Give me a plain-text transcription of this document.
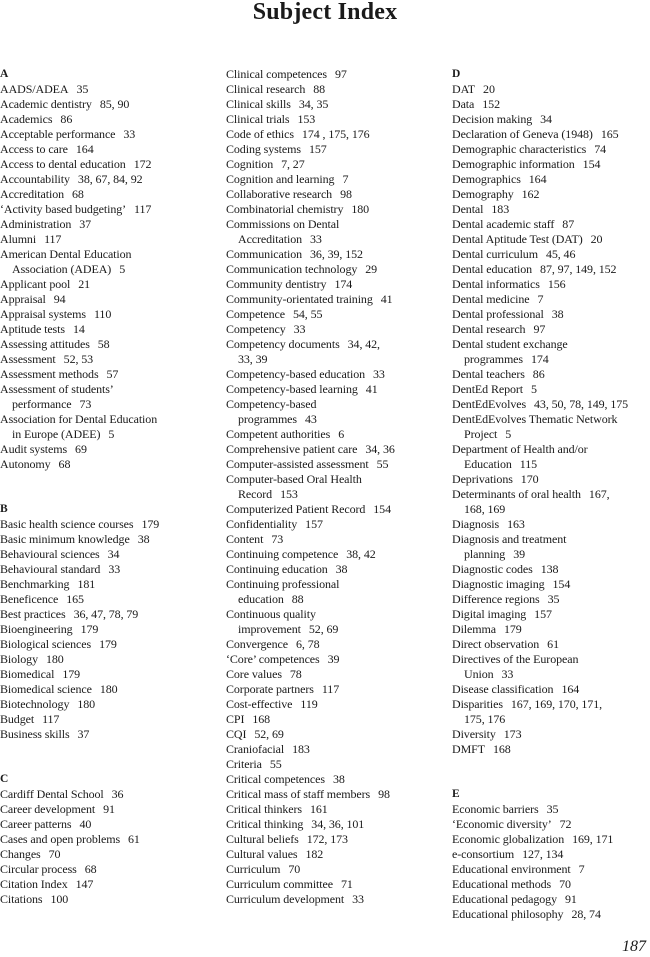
Subject Index
A
AADS/ADEA 35
Academic dentistry 85, 90
Academics 86
Acceptable performance 33
Access to care 164
Access to dental education 172
Accountability 38, 67, 84, 92
Accreditation 68
‘Activity based budgeting’ 117
Administration 37
Alumni 117
American Dental Education
Association (ADEA) 5
Applicant pool 21
Appraisal 94
Appraisal systems 110
Aptitude tests 14
Assessing attitudes 58
Assessment 52, 53
Assessment methods 57
Assessment of students’
performance 73
Association for Dental Education
in Europe (ADEE) 5
Audit systems 69
Autonomy 68
B
Basic health science courses 179
Basic minimum knowledge 38
Behavioural sciences 34
Behavioural standard 33
Benchmarking 181
Beneficence 165
Best practices 36, 47, 78, 79
Bioengineering 179
Biological sciences 179
Biology 180
Biomedical 179
Biomedical science 180
Biotechnology 180
Budget 117
Business skills 37
C
Cardiff Dental School 36
Career development 91
Career patterns 40
Cases and open problems 61
Changes 70
Circular process 68
Citation Index 147
Citations 100
Clinical competences 97
Clinical research 88
Clinical skills 34, 35
Clinical trials 153
Code of ethics 174 , 175, 176
Coding systems 157
Cognition 7, 27
Cognition and learning 7
Collaborative research 98
Combinatorial chemistry 180
Commissions on Dental
Accreditation 33
Communication 36, 39, 152
Communication technology 29
Community dentistry 174
Community-orientated training 41
Competence 54, 55
Competency 33
Competency documents 34, 42,
33, 39
Competency-based education 33
Competency-based learning 41
Competency-based
programmes 43
Competent authorities 6
Comprehensive patient care 34, 36
Computer-assisted assessment 55
Computer-based Oral Health
Record 153
Computerized Patient Record 154
Confidentiality 157
Content 73
Continuing competence 38, 42
Continuing education 38
Continuing professional
education 88
Continuous quality
improvement 52, 69
Convergence 6, 78
‘Core’ competences 39
Core values 78
Corporate partners 117
Cost-effective 119
CPI 168
CQI 52, 69
Craniofacial 183
Criteria 55
Critical competences 38
Critical mass of staff members 98
Critical thinkers 161
Critical thinking 34, 36, 101
Cultural beliefs 172, 173
Cultural values 182
Curriculum 70
Curriculum committee 71
Curriculum development 33
D
DAT 20
Data 152
Decision making 34
Declaration of Geneva (1948) 165
Demographic characteristics 74
Demographic information 154
Demographics 164
Demography 162
Dental 183
Dental academic staff 87
Dental Aptitude Test (DAT) 20
Dental curriculum 45, 46
Dental education 87, 97, 149, 152
Dental informatics 156
Dental medicine 7
Dental professional 38
Dental research 97
Dental student exchange
programmes 174
Dental teachers 86
DentEd Report 5
DentEdEvolves 43, 50, 78, 149, 175
DentEdEvolves Thematic Network
Project 5
Department of Health and/or
Education 115
Deprivations 170
Determinants of oral health 167,
168, 169
Diagnosis 163
Diagnosis and treatment
planning 39
Diagnostic codes 138
Diagnostic imaging 154
Difference regions 35
Digital imaging 157
Dilemma 179
Direct observation 61
Directives of the European
Union 33
Disease classification 164
Disparities 167, 169, 170, 171,
175, 176
Diversity 173
DMFT 168
E
Economic barriers 35
‘Economic diversity’ 72
Economic globalization 169, 171
e-consortium 127, 134
Educational environment 7
Educational methods 70
Educational pedagogy 91
Educational philosophy 28, 74
187
